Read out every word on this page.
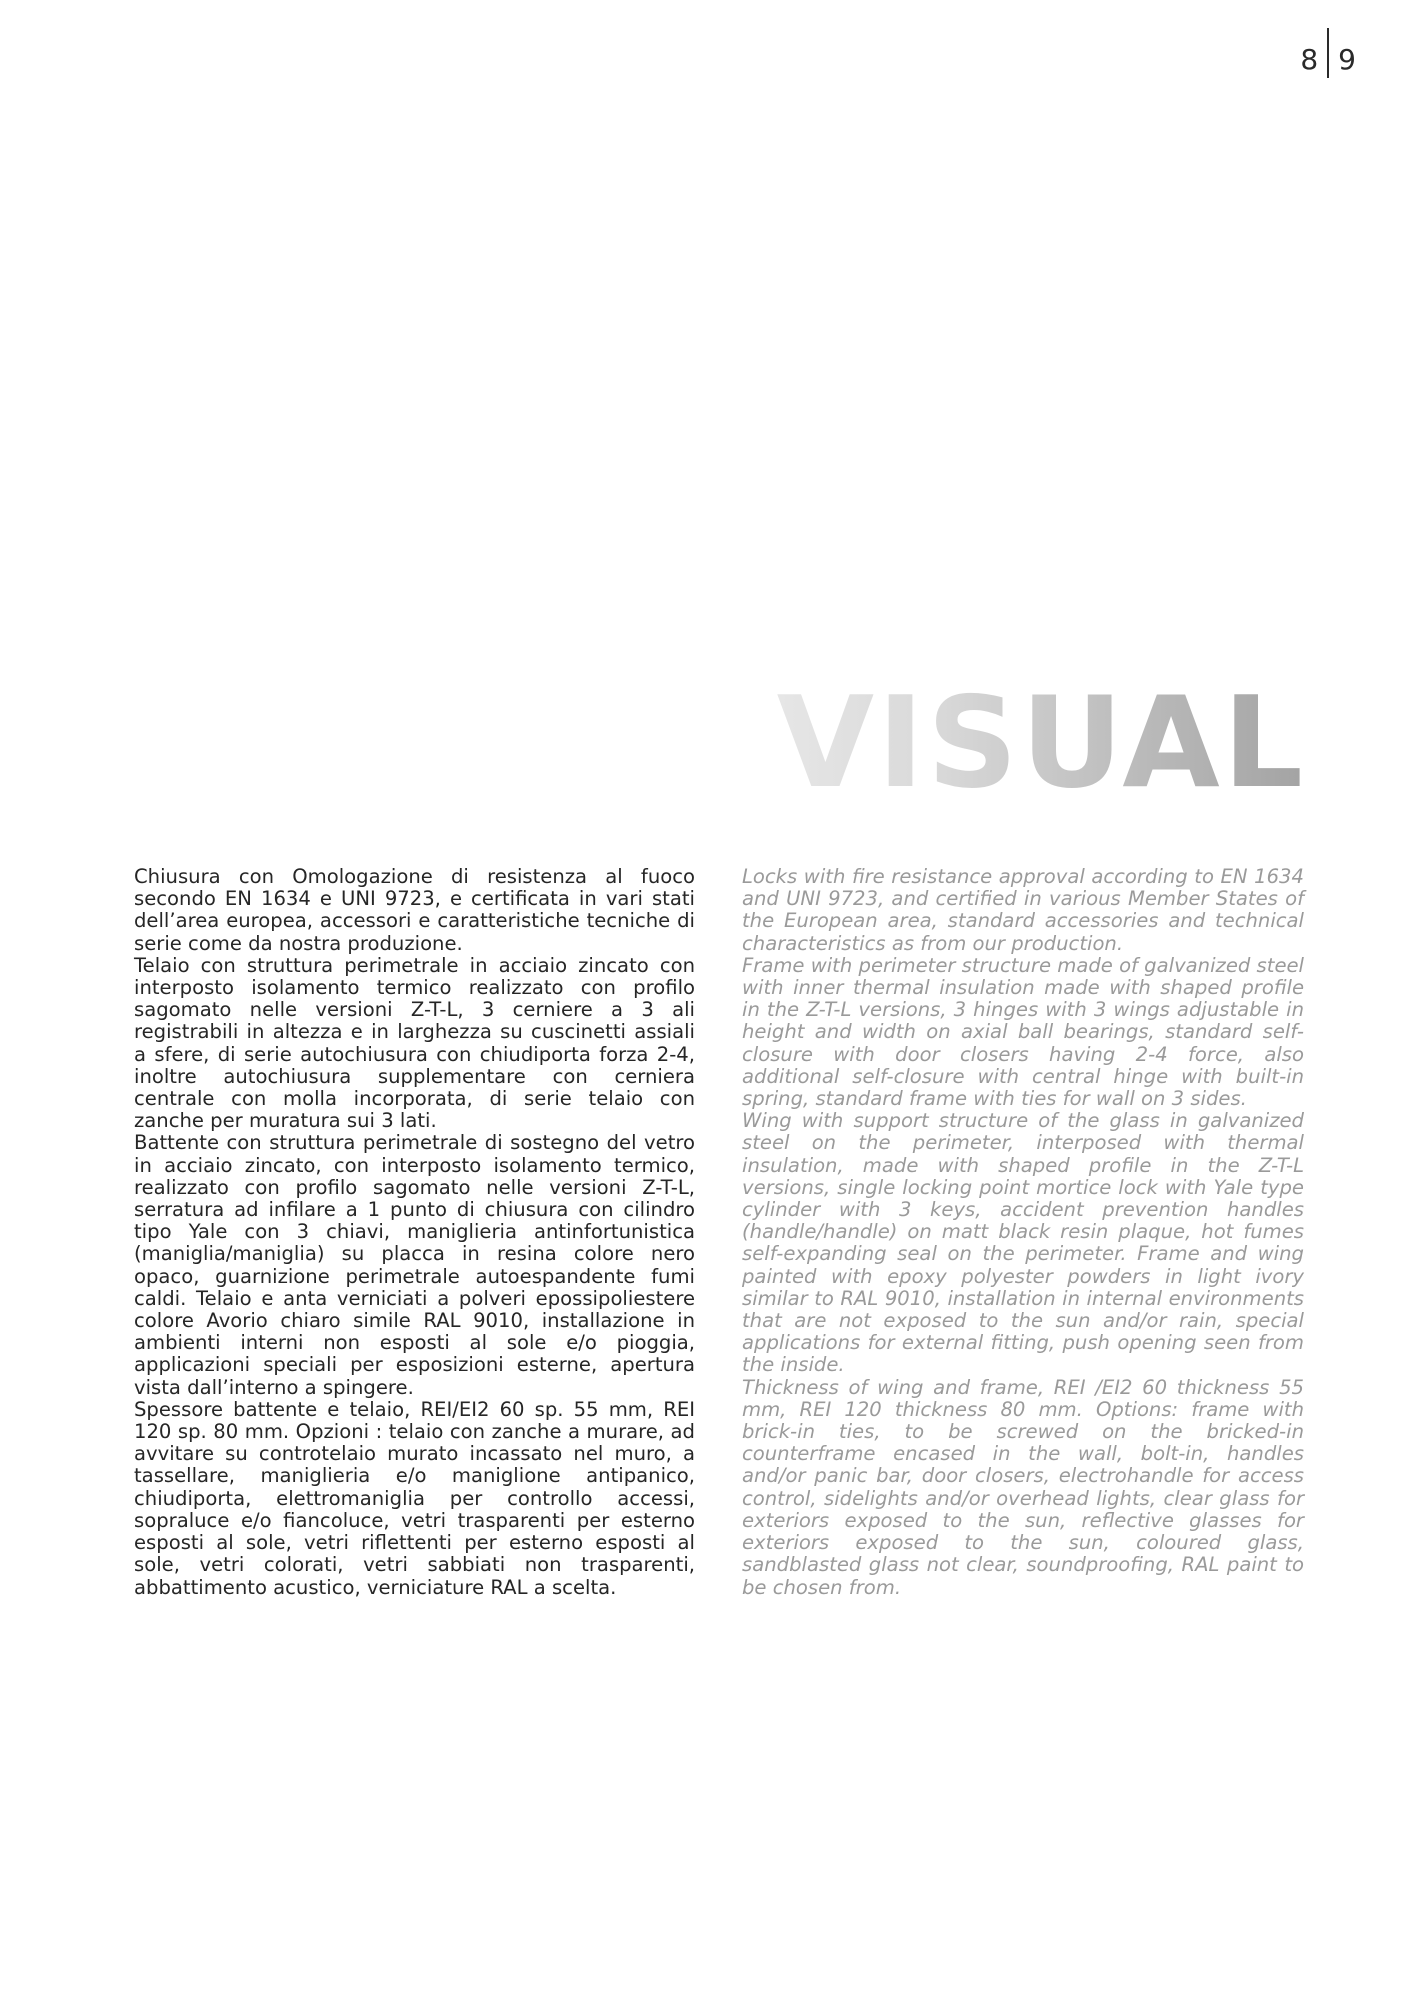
8 9
VISUAL

Chiusura con Omologazione di resistenza al fuoco secondo EN 1634 e UNI 9723, e certificata in vari stati dell’area europea, accessori e caratteristiche tecniche di serie come da nostra produzione.

Telaio con struttura perimetrale in acciaio zincato con interposto isolamento termico realizzato con profilo sagomato nelle versioni Z-T-L, 3 cerniere a 3 ali registrabili in altezza e in larghezza su cuscinetti assiali a sfere, di serie autochiusura con chiudiporta forza 2-4, inoltre autochiusura supplementare con cerniera centrale con molla incorporata, di serie telaio con zanche per muratura sui 3 lati.

Battente con struttura perimetrale di sostegno del vetro in acciaio zincato, con interposto isolamento termico, realizzato con profilo sagomato nelle versioni Z-T-L, serratura ad infilare a 1 punto di chiusura con cilindro tipo Yale con 3 chiavi, maniglieria antinfortunistica (maniglia/maniglia) su placca in resina colore nero opaco, guarnizione perimetrale autoespandente fumi caldi. Telaio e anta verniciati a polveri epossipoliestere colore Avorio chiaro simile RAL 9010, installazione in ambienti interni non esposti al sole e/o pioggia, applicazioni speciali per esposizioni esterne, apertura vista dall’interno a spingere.

Spessore battente e telaio, REI/EI2 60 sp. 55 mm, REI 120 sp. 80 mm. Opzioni : telaio con zanche a murare, ad avvitare su controtelaio murato incassato nel muro, a tassellare, maniglieria e/o maniglione antipanico, chiudiporta, elettromaniglia per controllo accessi, sopraluce e/o fiancoluce, vetri trasparenti per esterno esposti al sole, vetri riflettenti per esterno esposti al sole, vetri colorati, vetri sabbiati non trasparenti, abbattimento acustico, verniciature RAL a scelta.

Locks with fire resistance approval according to EN 1634 and UNI 9723, and certified in various Member States of the European area, standard accessories and technical characteristics as from our production.

Frame with perimeter structure made of galvanized steel with inner thermal insulation made with shaped profile in the Z-T-L versions, 3 hinges with 3 wings adjustable in height and width on axial ball bearings, standard self-closure with door closers having 2-4 force, also additional self-closure with central hinge with built-in spring, standard frame with ties for wall on 3 sides.

Wing with support structure of the glass in galvanized steel on the perimeter, interposed with thermal insulation, made with shaped profile in the Z-T-L versions, single locking point mortice lock with Yale type cylinder with 3 keys, accident prevention handles (handle/handle) on matt black resin plaque, hot fumes self-expanding seal on the perimeter. Frame and wing painted with epoxy polyester powders in light ivory similar to RAL 9010, installation in internal environments that are not exposed to the sun and/or rain, special applications for external fitting, push opening seen from the inside.

Thickness of wing and frame, REI /EI2 60 thickness 55 mm, REI 120 thickness 80 mm. Options: frame with brick-in ties, to be screwed on the bricked-in counterframe encased in the wall, bolt-in, handles and/or panic bar, door closers, electrohandle for access control, sidelights and/or overhead lights, clear glass for exteriors exposed to the sun, reflective glasses for exteriors exposed to the sun, coloured glass, sandblasted glass not clear, soundproofing, RAL paint to be chosen from.
